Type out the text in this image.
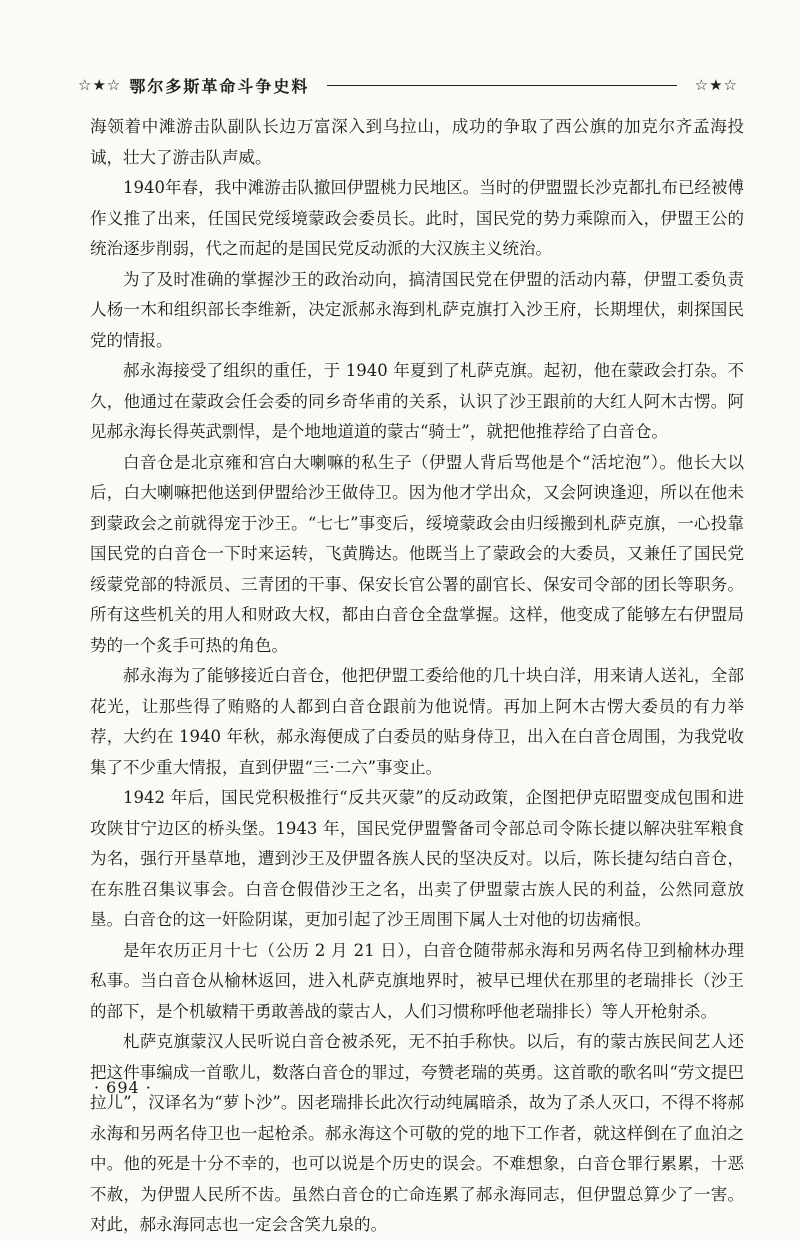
☆★☆ 鄂尔多斯革命斗争史料	☆★☆

海领着中滩游击队副队长边万富深入到乌拉山，成功的争取了西公旗的加克尔齐孟海投诚，壮大了游击队声威。

1940年春，我中滩游击队撤回伊盟桃力民地区。当时的伊盟盟长沙克都扎布已经被傅作义推了出来，任国民党绥境蒙政会委员长。此时，国民党的势力乘隙而入，伊盟王公的统治逐步削弱，代之而起的是国民党反动派的大汉族主义统治。

为了及时准确的掌握沙王的政治动向，搞清国民党在伊盟的活动内幕，伊盟工委负责人杨一木和组织部长李维新，决定派郝永海到札萨克旗打入沙王府，长期埋伏，刺探国民党的情报。

郝永海接受了组织的重任，于 1940 年夏到了札萨克旗。起初，他在蒙政会打杂。不久，他通过在蒙政会任会委的同乡奇华甫的关系，认识了沙王跟前的大红人阿木古愣。阿见郝永海长得英武剽悍，是个地地道道的蒙古“骑士”，就把他推荐给了白音仓。

白音仓是北京雍和宫白大喇嘛的私生子（伊盟人背后骂他是个“活坨泡”）。他长大以后，白大喇嘛把他送到伊盟给沙王做侍卫。因为他才学出众，又会阿谀逢迎，所以在他未到蒙政会之前就得宠于沙王。“七七”事变后，绥境蒙政会由归绥搬到札萨克旗，一心投靠国民党的白音仓一下时来运转，飞黄腾达。他既当上了蒙政会的大委员，又兼任了国民党绥蒙党部的特派员、三青团的干事、保安长官公署的副官长、保安司令部的团长等职务。所有这些机关的用人和财政大权，都由白音仓全盘掌握。这样，他变成了能够左右伊盟局势的一个炙手可热的角色。

郝永海为了能够接近白音仓，他把伊盟工委给他的几十块白洋，用来请人送礼，全部花光，让那些得了贿赂的人都到白音仓跟前为他说情。再加上阿木古愣大委员的有力举荐，大约在 1940 年秋，郝永海便成了白委员的贴身侍卫，出入在白音仓周围，为我党收集了不少重大情报，直到伊盟“三·二六”事变止。

1942 年后，国民党积极推行“反共灭蒙”的反动政策，企图把伊克昭盟变成包围和进攻陕甘宁边区的桥头堡。1943 年，国民党伊盟警备司令部总司令陈长捷以解决驻军粮食为名，强行开垦草地，遭到沙王及伊盟各族人民的坚决反对。以后，陈长捷勾结白音仓，在东胜召集议事会。白音仓假借沙王之名，出卖了伊盟蒙古族人民的利益，公然同意放垦。白音仓的这一奸险阴谋，更加引起了沙王周围下属人士对他的切齿痛恨。

是年农历正月十七（公历 2 月 21 日），白音仓随带郝永海和另两名侍卫到榆林办理私事。当白音仓从榆林返回，进入札萨克旗地界时，被早已埋伏在那里的老瑞排长（沙王的部下，是个机敏精干勇敢善战的蒙古人，人们习惯称呼他老瑞排长）等人开枪射杀。

札萨克旗蒙汉人民听说白音仓被杀死，无不拍手称快。以后，有的蒙古族民间艺人还把这件事编成一首歌儿，数落白音仓的罪过，夸赞老瑞的英勇。这首歌的歌名叫“劳文提巴拉儿”，汉译名为“萝卜沙”。因老瑞排长此次行动纯属暗杀，故为了杀人灭口，不得不将郝永海和另两名侍卫也一起枪杀。郝永海这个可敬的党的地下工作者，就这样倒在了血泊之中。他的死是十分不幸的，也可以说是个历史的误会。不难想象，白音仓罪行累累，十恶不赦，为伊盟人民所不齿。虽然白音仓的亡命连累了郝永海同志，但伊盟总算少了一害。对此，郝永海同志也一定会含笑九泉的。

· 694 ·
